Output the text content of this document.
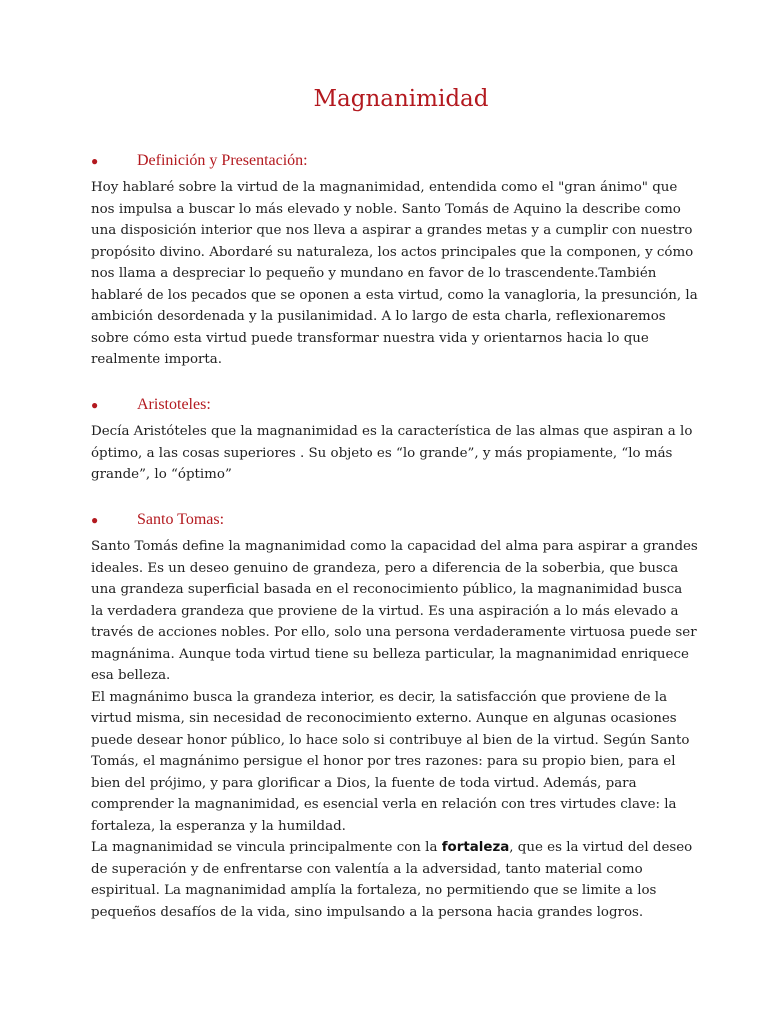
Magnanimidad
● Definición y Presentación:
Hoy hablaré sobre la virtud de la magnanimidad, entendida como el "gran ánimo" que
nos impulsa a buscar lo más elevado y noble. Santo Tomás de Aquino la describe como
una disposición interior que nos lleva a aspirar a grandes metas y a cumplir con nuestro
propósito divino. Abordaré su naturaleza, los actos principales que la componen, y cómo
nos llama a despreciar lo pequeño y mundano en favor de lo trascendente.También
hablaré de los pecados que se oponen a esta virtud, como la vanagloria, la presunción, la
ambición desordenada y la pusilanimidad. A lo largo de esta charla, reflexionaremos
sobre cómo esta virtud puede transformar nuestra vida y orientarnos hacia lo que
realmente importa.
● Aristoteles:
Decía Aristóteles que la magnanimidad es la característica de las almas que aspiran a lo
óptimo, a las cosas superiores . Su objeto es “lo grande”, y más propiamente, “lo más
grande”, lo “óptimo”
● Santo Tomas:
Santo Tomás define la magnanimidad como la capacidad del alma para aspirar a grandes
ideales. Es un deseo genuino de grandeza, pero a diferencia de la soberbia, que busca
una grandeza superficial basada en el reconocimiento público, la magnanimidad busca
la verdadera grandeza que proviene de la virtud. Es una aspiración a lo más elevado a
través de acciones nobles. Por ello, solo una persona verdaderamente virtuosa puede ser
magnánima. Aunque toda virtud tiene su belleza particular, la magnanimidad enriquece
esa belleza.
El magnánimo busca la grandeza interior, es decir, la satisfacción que proviene de la
virtud misma, sin necesidad de reconocimiento externo. Aunque en algunas ocasiones
puede desear honor público, lo hace solo si contribuye al bien de la virtud. Según Santo
Tomás, el magnánimo persigue el honor por tres razones: para su propio bien, para el
bien del prójimo, y para glorificar a Dios, la fuente de toda virtud. Además, para
comprender la magnanimidad, es esencial verla en relación con tres virtudes clave: la
fortaleza, la esperanza y la humildad.
La magnanimidad se vincula principalmente con la fortaleza, que es la virtud del deseo
de superación y de enfrentarse con valentía a la adversidad, tanto material como
espiritual. La magnanimidad amplía la fortaleza, no permitiendo que se limite a los
pequeños desafíos de la vida, sino impulsando a la persona hacia grandes logros.
